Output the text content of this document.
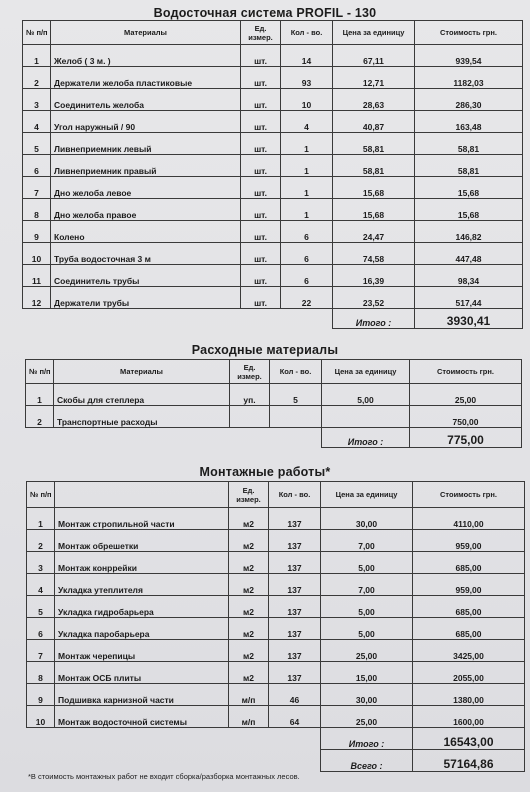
Водосточная система PROFIL - 130
№ п/п	Материалы	Ед. измер.	Кол - во.	Цена за единицу	Стоимость грн.
1	Желоб ( 3 м. )	шт.	14	67,11	939,54
2	Держатели желоба пластиковые	шт.	93	12,71	1182,03
3	Соединитель желоба	шт.	10	28,63	286,30
4	Угол наружный / 90	шт.	4	40,87	163,48
5	Ливнеприемник левый	шт.	1	58,81	58,81
6	Ливнеприемник правый	шт.	1	58,81	58,81
7	Дно желоба левое	шт.	1	15,68	15,68
8	Дно желоба правое	шт.	1	15,68	15,68
9	Колено	шт.	6	24,47	146,82
10	Труба водосточная 3 м	шт.	6	74,58	447,48
11	Соединитель трубы	шт.	6	16,39	98,34
12	Держатели трубы	шт.	22	23,52	517,44
				Итого :	3930,41
Расходные материалы
№ п/п	Материалы	Ед. измер.	Кол - во.	Цена за единицу	Стоимость грн.
1	Скобы для степлера	уп.	5	5,00	25,00
2	Транспортные расходы				750,00
				Итого :	775,00
Монтажные работы*
№ п/п		Ед. измер.	Кол - во.	Цена за единицу	Стоимость грн.
1	Монтаж стропильной части	м2	137	30,00	4110,00
2	Монтаж обрешетки	м2	137	7,00	959,00
3	Монтаж конррейки	м2	137	5,00	685,00
4	Укладка утеплителя	м2	137	7,00	959,00
5	Укладка гидробарьера	м2	137	5,00	685,00
6	Укладка паробарьера	м2	137	5,00	685,00
7	Монтаж черепицы	м2	137	25,00	3425,00
8	Монтаж ОСБ плиты	м2	137	15,00	2055,00
9	Подшивка карнизной части	м/п	46	30,00	1380,00
10	Монтаж водосточной системы	м/п	64	25,00	1600,00
				Итого :	16543,00
				Всего :	57164,86
*В стоимость монтажных работ не входит сборка/разборка монтажных лесов.
